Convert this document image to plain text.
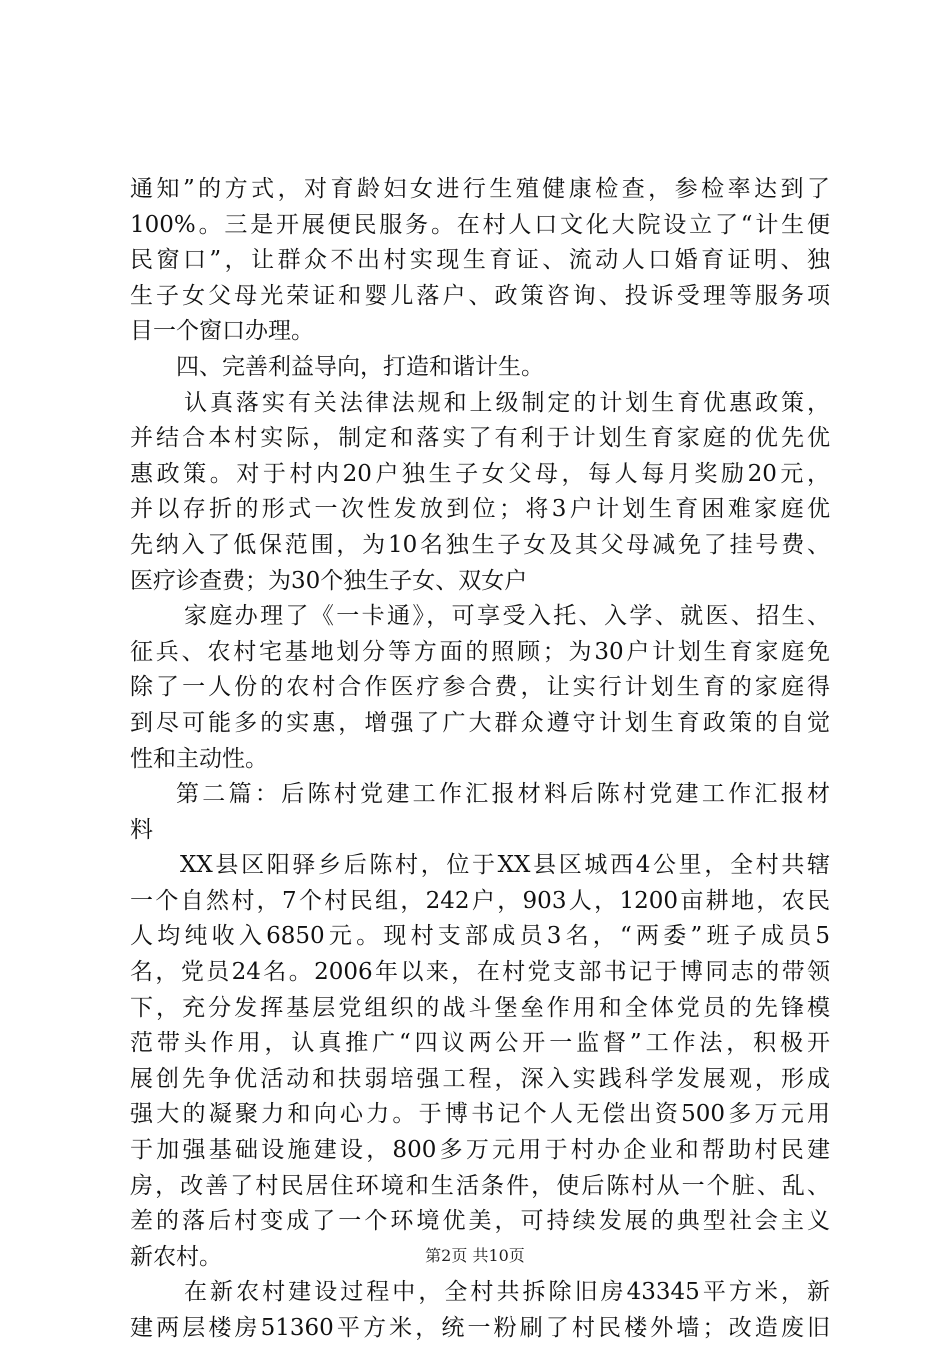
通知”的方式，对育龄妇女进行生殖健康检查，参检率达到了
100%。三是开展便民服务。在村人口文化大院设立了“计生便
民窗口”，让群众不出村实现生育证、流动人口婚育证明、独
生子女父母光荣证和婴儿落户、政策咨询、投诉受理等服务项
目一个窗口办理。
四、完善利益导向，打造和谐计生。
认真落实有关法律法规和上级制定的计划生育优惠政策，
并结合本村实际，制定和落实了有利于计划生育家庭的优先优
惠政策。对于村内20户独生子女父母，每人每月奖励20元，
并以存折的形式一次性发放到位；将3户计划生育困难家庭优
先纳入了低保范围，为10名独生子女及其父母减免了挂号费、
医疗诊查费；为30个独生子女、双女户
家庭办理了《一卡通》，可享受入托、入学、就医、招生、
征兵、农村宅基地划分等方面的照顾；为30户计划生育家庭免
除了一人份的农村合作医疗参合费，让实行计划生育的家庭得
到尽可能多的实惠，增强了广大群众遵守计划生育政策的自觉
性和主动性。
第二篇：后陈村党建工作汇报材料后陈村党建工作汇报材
料
XX县区阳驿乡后陈村，位于XX县区城西4公里，全村共辖
一个自然村，7个村民组，242户，903人，1200亩耕地，农民
人均纯收入6850元。现村支部成员3名，“两委”班子成员5
名，党员24名。2006年以来，在村党支部书记于博同志的带领
下，充分发挥基层党组织的战斗堡垒作用和全体党员的先锋模
范带头作用，认真推广“四议两公开一监督”工作法，积极开
展创先争优活动和扶弱培强工程，深入实践科学发展观，形成
强大的凝聚力和向心力。于博书记个人无偿出资500多万元用
于加强基础设施建设，800多万元用于村办企业和帮助村民建
房，改善了村民居住环境和生活条件，使后陈村从一个脏、乱、
差的落后村变成了一个环境优美，可持续发展的典型社会主义
新农村。
在新农村建设过程中，全村共拆除旧房43345平方米，新
建两层楼房51360平方米，统一粉刷了村民楼外墙；改造废旧
第2页 共10页
